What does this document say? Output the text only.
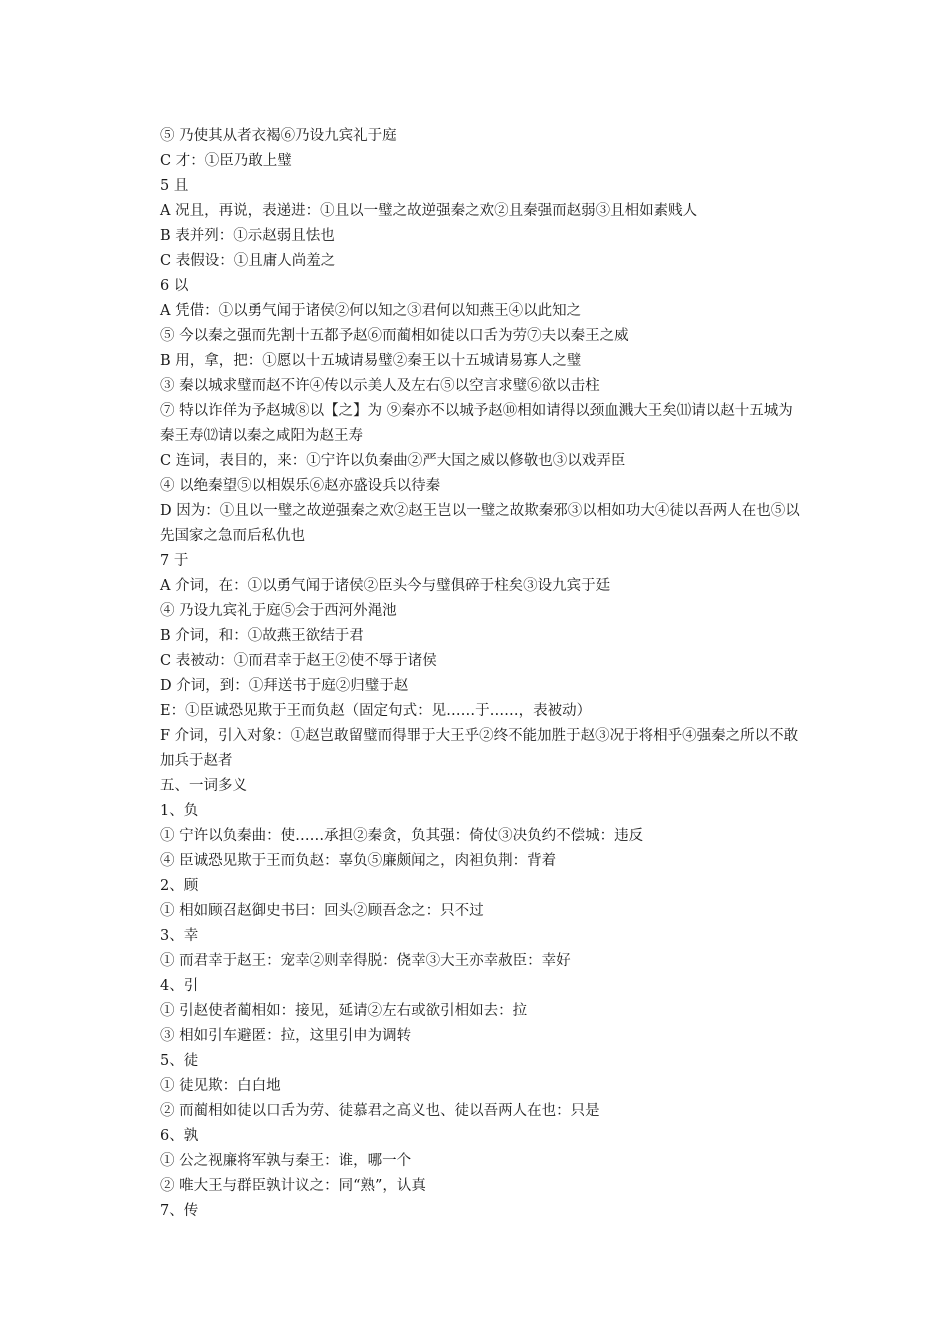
⑤ 乃使其从者衣褐⑥乃设九宾礼于庭
C 才：①臣乃敢上璧
5 且
A 况且，再说，表递进：①且以一璧之故逆强秦之欢②且秦强而赵弱③且相如素贱人
B 表并列：①示赵弱且怯也
C 表假设：①且庸人尚羞之
6 以
A 凭借：①以勇气闻于诸侯②何以知之③君何以知燕王④以此知之
⑤ 今以秦之强而先割十五都予赵⑥而蔺相如徒以口舌为劳⑦夫以秦王之威
B 用，拿，把：①愿以十五城请易璧②秦王以十五城请易寡人之璧
③ 秦以城求璧而赵不许④传以示美人及左右⑤以空言求璧⑥欲以击柱
⑦ 特以诈佯为予赵城⑧以【之】为 ⑨秦亦不以城予赵⑩相如请得以颈血溅大王矣⑾请以赵十五城为秦王寿⑿请以秦之咸阳为赵王寿
C 连词，表目的，来：①宁许以负秦曲②严大国之威以修敬也③以戏弄臣
④ 以绝秦望⑤以相娱乐⑥赵亦盛设兵以待秦
D 因为：①且以一璧之故逆强秦之欢②赵王岂以一璧之故欺秦邪③以相如功大④徒以吾两人在也⑤以先国家之急而后私仇也
7 于
A 介词，在：①以勇气闻于诸侯②臣头今与璧俱碎于柱矣③设九宾于廷
④ 乃设九宾礼于庭⑤会于西河外渑池
B 介词，和：①故燕王欲结于君
C 表被动：①而君幸于赵王②使不辱于诸侯
D 介词，到：①拜送书于庭②归璧于赵
E：①臣诚恐见欺于王而负赵（固定句式：见……于……，表被动）
F 介词，引入对象：①赵岂敢留璧而得罪于大王乎②终不能加胜于赵③况于将相乎④强秦之所以不敢加兵于赵者
五、一词多义
1、负
① 宁许以负秦曲：使……承担②秦贪，负其强：倚仗③决负约不偿城：违反
④ 臣诚恐见欺于王而负赵：辜负⑤廉颇闻之，肉袒负荆：背着
2、顾
① 相如顾召赵御史书曰：回头②顾吾念之：只不过
3、幸
① 而君幸于赵王：宠幸②则幸得脱：侥幸③大王亦幸赦臣：幸好
4、引
① 引赵使者蔺相如：接见，延请②左右或欲引相如去：拉
③ 相如引车避匿：拉，这里引申为调转
5、徒
① 徒见欺：白白地
② 而蔺相如徒以口舌为劳、徒慕君之高义也、徒以吾两人在也：只是
6、孰
① 公之视廉将军孰与秦王：谁，哪一个
② 唯大王与群臣孰计议之：同“熟”，认真
7、传
